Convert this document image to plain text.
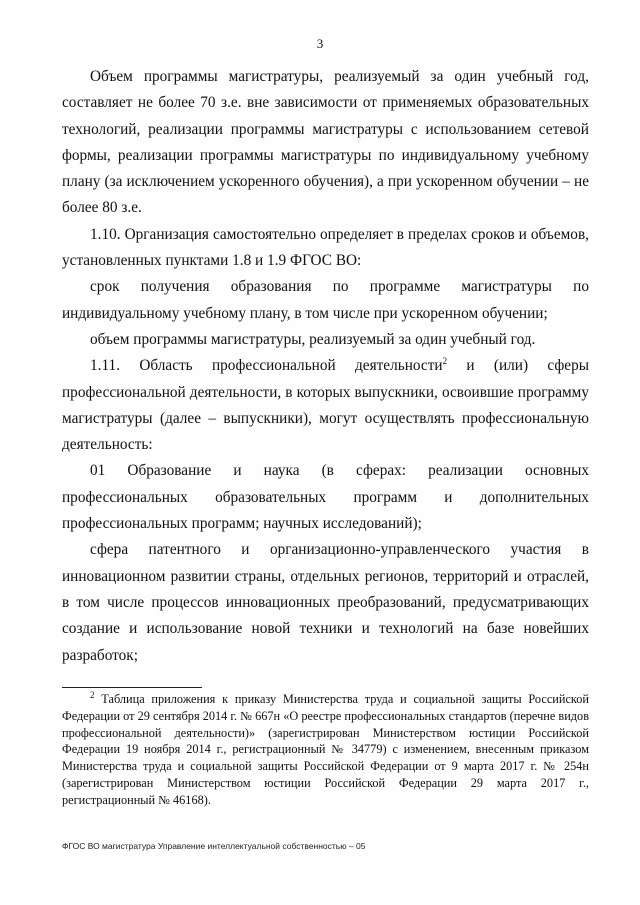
3

Объем программы магистратуры, реализуемый за один учебный год, составляет не более 70 з.е. вне зависимости от применяемых образовательных технологий, реализации программы магистратуры с использованием сетевой формы, реализации программы магистратуры по индивидуальному учебному плану (за исключением ускоренного обучения), а при ускоренном обучении – не более 80 з.е.

1.10. Организация самостоятельно определяет в пределах сроков и объемов, установленных пунктами 1.8 и 1.9 ФГОС ВО:

срок получения образования по программе магистратуры по индивидуальному учебному плану, в том числе при ускоренном обучении;

объем программы магистратуры, реализуемый за один учебный год.

1.11. Область профессиональной деятельности$^2$ и (или) сферы профессиональной деятельности, в которых выпускники, освоившие программу магистратуры (далее – выпускники), могут осуществлять профессиональную деятельность:

01 Образование и наука (в сферах: реализации основных профессиональных образовательных программ и дополнительных профессиональных программ; научных исследований);

сфера патентного и организационно-управленческого участия в инновационном развитии страны, отдельных регионов, территорий и отраслей, в том числе процессов инновационных преобразований, предусматривающих создание и использование новой техники и технологий на базе новейших разработок;

$^2$ Таблица приложения к приказу Министерства труда и социальной защиты Российской Федерации от 29 сентября 2014 г. № 667н «О реестре профессиональных стандартов (перечне видов профессиональной деятельности)» (зарегистрирован Министерством юстиции Российской Федерации 19 ноября 2014 г., регистрационный № 34779) с изменением, внесенным приказом Министерства труда и социальной защиты Российской Федерации от 9 марта 2017 г. № 254н (зарегистрирован Министерством юстиции Российской Федерации 29 марта 2017 г., регистрационный № 46168).

ФГОС ВО магистратура Управление интеллектуальной собственностью – 05
